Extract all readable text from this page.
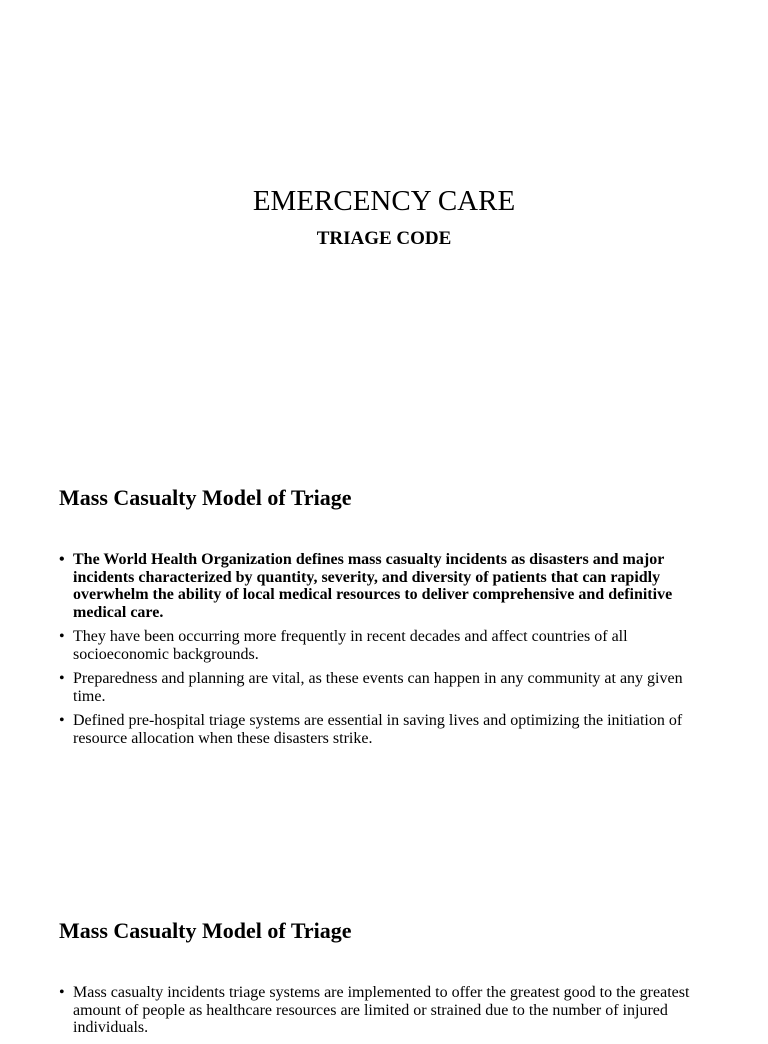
EMERCENCY CARE
TRIAGE CODE
Mass Casualty Model of Triage
• The World Health Organization defines mass casualty incidents as disasters and major incidents characterized by quantity, severity, and diversity of patients that can rapidly overwhelm the ability of local medical resources to deliver comprehensive and definitive medical care.
• They have been occurring more frequently in recent decades and affect countries of all socioeconomic backgrounds.
• Preparedness and planning are vital, as these events can happen in any community at any given time.
• Defined pre-hospital triage systems are essential in saving lives and optimizing the initiation of resource allocation when these disasters strike.
Mass Casualty Model of Triage
• Mass casualty incidents triage systems are implemented to offer the greatest good to the greatest amount of people as healthcare resources are limited or strained due to the number of injured individuals.
